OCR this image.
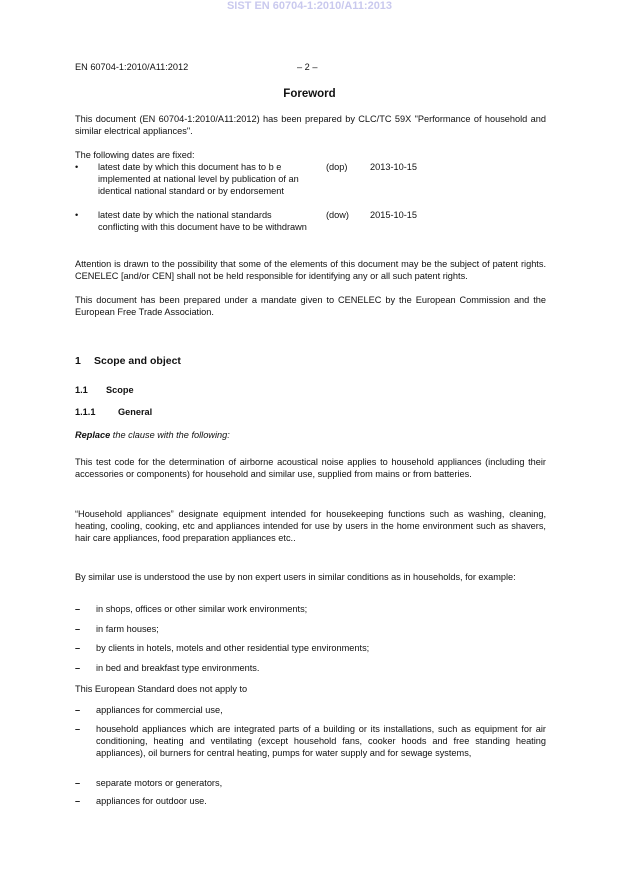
SIST EN 60704-1:2010/A11:2013
EN 60704-1:2010/A11:2012	– 2 –
Foreword
This document (EN 60704-1:2010/A11:2012) has been prepared by CLC/TC 59X "Performance of household and similar electrical appliances".
The following dates are fixed:
• latest date by which this document has to b e implemented at national level by publication of an identical national standard or by endorsement
(dop) 2013-10-15
• latest date by which the national standards conflicting with this document have to be withdrawn
(dow) 2015-10-15
Attention is drawn to the possibility that some of the elements of this document may be the subject of patent rights. CENELEC [and/or CEN] shall not be held responsible for identifying any or all such patent rights.
This document has been prepared under a mandate given to CENELEC by the European Commission and the European Free Trade Association.
1 Scope and object
1.1 Scope
1.1.1 General
Replace the clause with the following:
This test code for the determination of airborne acoustical noise applies to household appliances (including their accessories or components) for household and similar use, supplied from mains or from batteries.
“Household appliances” designate equipment intended for housekeeping functions such as washing, cleaning, heating, cooling, cooking, etc and appliances intended for use by users in the home environment such as shavers, hair care appliances, food preparation appliances etc..
By similar use is understood the use by non expert users in similar conditions as in households, for example:
– in shops, offices or other similar work environments;
– in farm houses;
– by clients in hotels, motels and other residential type environments;
– in bed and breakfast type environments.
This European Standard does not apply to
– appliances for commercial use,
– household appliances which are integrated parts of a building or its installations, such as equipment for air conditioning, heating and ventilating (except household fans, cooker hoods and free standing heating appliances), oil burners for central heating, pumps for water supply and for sewage systems,
– separate motors or generators,
– appliances for outdoor use.
